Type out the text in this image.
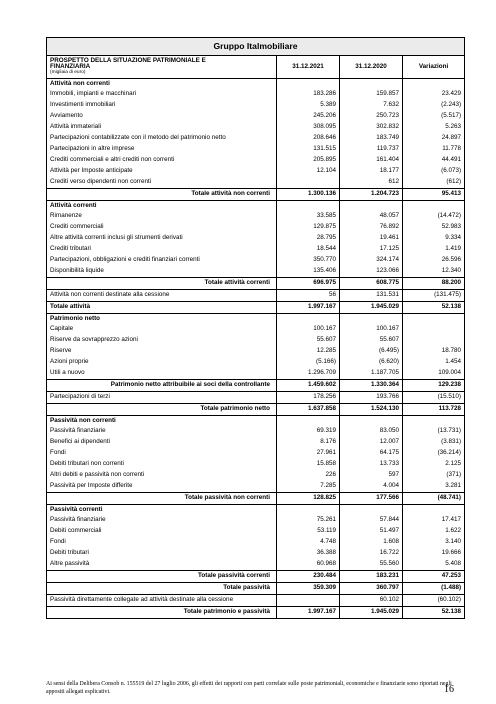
Gruppo Italmobiliare			
PROSPETTO DELLA SITUAZIONE PATRIMONIALE E
FINANZIARIA
(migliaia di euro)	31.12.2021	31.12.2020	Variazioni
Attività non correnti			
Immobili, impianti e macchinari	183.286	159.857	23.429
Investimenti immobiliari	5.389	7.632	(2.243)
Avviamento	245.206	250.723	(5.517)
Attività immateriali	308.095	302.832	5.263
Partecipazioni contabilizzate con il metodo del patrimonio netto	208.646	183.749	24.897
Partecipazioni in altre imprese	131.515	119.737	11.778
Crediti commerciali e altri crediti non correnti	205.895	161.404	44.491
Attività per Imposte anticipate	12.104	18.177	(6.073)
Crediti verso dipendenti non correnti		612	(612)
Totale attività non correnti	1.300.136	1.204.723	95.413
Attività correnti			
Rimanenze	33.585	48.057	(14.472)
Crediti commerciali	129.875	76.892	52.983
Altre attività correnti inclusi gli strumenti derivati	28.795	19.461	9.334
Crediti tributari	18.544	17.125	1.419
Partecipazioni, obbligazioni e crediti finanziari correnti	350.770	324.174	26.596
Disponibilità liquide	135.406	123.066	12.340
Totale attività correnti	696.975	608.775	88.200
Attività non correnti destinate alla cessione	56	131.531	(131.475)
Totale attività	1.997.167	1.945.029	52.138
Patrimonio netto			
Capitale	100.167	100.167	
Riserve da sovrapprezzo azioni	55.607	55.607	
Riserve	12.285	(6.495)	18.780
Azioni proprie	(5.166)	(6.620)	1.454
Utili a nuovo	1.296.709	1.187.705	109.004
Patrimonio netto attribuibile ai soci della controllante	1.459.602	1.330.364	129.238
Partecipazioni di terzi	178.256	193.766	(15.510)
Totale patrimonio netto	1.637.858	1.524.130	113.728
Passività non correnti			
Passività finanziarie	69.319	83.050	(13.731)
Benefici ai dipendenti	8.176	12.007	(3.831)
Fondi	27.961	64.175	(36.214)
Debiti tributari non correnti	15.858	13.733	2.125
Altri debiti e passività non correnti	226	597	(371)
Passività per Imposte differite	7.285	4.004	3.281
Totale passività non correnti	128.825	177.566	(48.741)
Passività correnti			
Passività finanziarie	75.261	57.844	17.417
Debiti commerciali	53.119	51.497	1.622
Fondi	4.748	1.608	3.140
Debiti tributari	36.388	16.722	19.666
Altre passività	60.968	55.560	5.408
Totale passività correnti	230.484	183.231	47.253
Totale passività	359.309	360.797	(1.488)
Passività direttamente collegate ad attività destinate alla cessione		60.102	(60.102)
Totale patrimonio e passività	1.997.167	1.945.029	52.138
Ai sensi della Delibera Consob n. 155519 del 27 luglio 2006, gli effetti dei rapporti con parti correlate sulle poste patrimoniali, economiche e finanziarie sono riportati negli appositi allegati esplicativi.	16
